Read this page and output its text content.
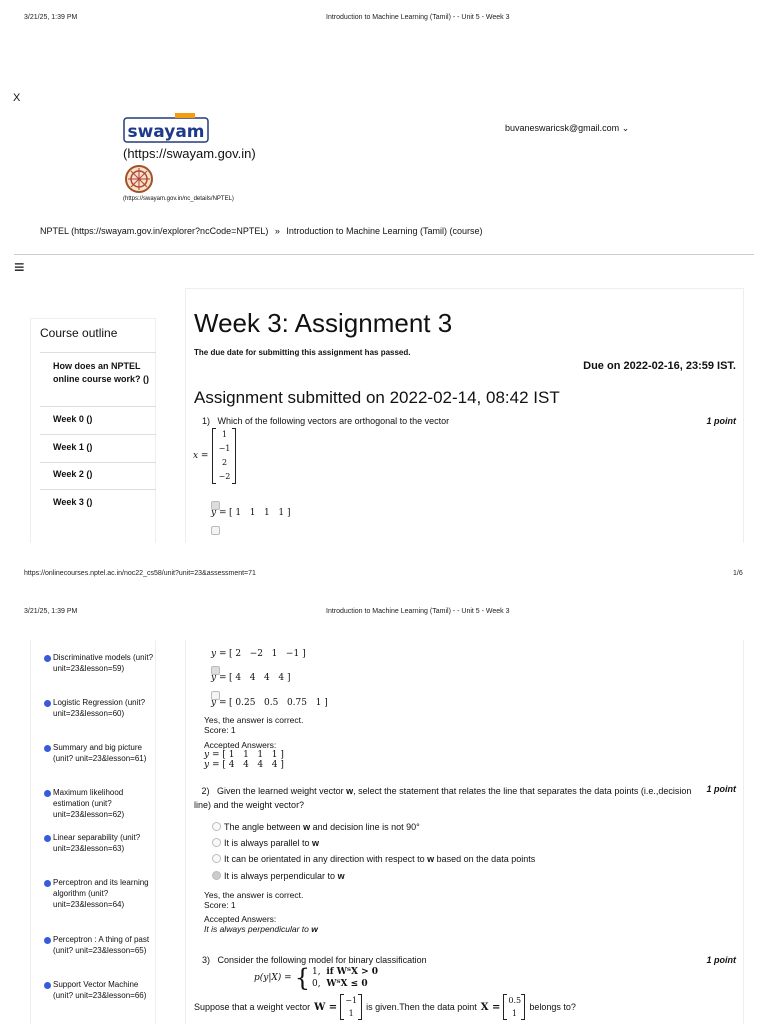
3/21/25, 1:39 PM	Introduction to Machine Learning (Tamil) - - Unit 5 - Week 3
X
swayam
(https://swayam.gov.in)
(https://swayam.gov.in/nc_details/NPTEL)
buvaneswaricsk@gmail.com ⌄
NPTEL (https://swayam.gov.in/explorer?ncCode=NPTEL) » Introduction to Machine Learning (Tamil) (course)
≡
Course outline
How does an NPTEL online course work? ()
Week 0 ()
Week 1 ()
Week 2 ()
Week 3 ()
Week 3: Assignment 3
The due date for submitting this assignment has passed.
Due on 2022-02-16, 23:59 IST.
Assignment submitted on 2022-02-14, 08:42 IST
1) Which of the following vectors are orthogonal to the vector	1 point
x =
1
−1
2
−2
y = [ 1 1 1 1 ]
https://onlinecourses.nptel.ac.in/noc22_cs58/unit?unit=23&assessment=71	1/6
3/21/25, 1:39 PM	Introduction to Machine Learning (Tamil) - - Unit 5 - Week 3
Discriminative models (unit? unit=23&lesson=59)
Logistic Regression (unit? unit=23&lesson=60)
Summary and big picture (unit? unit=23&lesson=61)
Maximum likelihood estimation (unit? unit=23&lesson=62)
Linear separability (unit? unit=23&lesson=63)
Perceptron and its learning algorithm (unit? unit=23&lesson=64)
Perceptron : A thing of past (unit? unit=23&lesson=65)
Support Vector Machine (unit? unit=23&lesson=66)
y = [ 2 −2 1 −1 ]
y = [ 4 4 4 4 ]
y = [ 0.25 0.5 0.75 1 ]
Yes, the answer is correct.
Score: 1
Accepted Answers:
y = [ 1 1 1 1 ]
y = [ 4 4 4 4 ]
2) Given the learned weight vector w, select the statement that relates the line that separates the data points (i.e.,decision
line) and the weight vector?
1 point
The angle between w and decision line is not 90°
It is always parallel to w
It can be orientated in any direction with respect to w based on the data points
It is always perpendicular to w
Yes, the answer is correct.
Score: 1
Accepted Answers:
It is always perpendicular to w
3) Consider the following model for binary classification	1 point
p(y|X) = { 1, if WᵀX > 0
0, WᵀX ≤ 0
Suppose that a weight vector W =
−1
1
is given.Then the data point X =
0.5
1
belongs to?
